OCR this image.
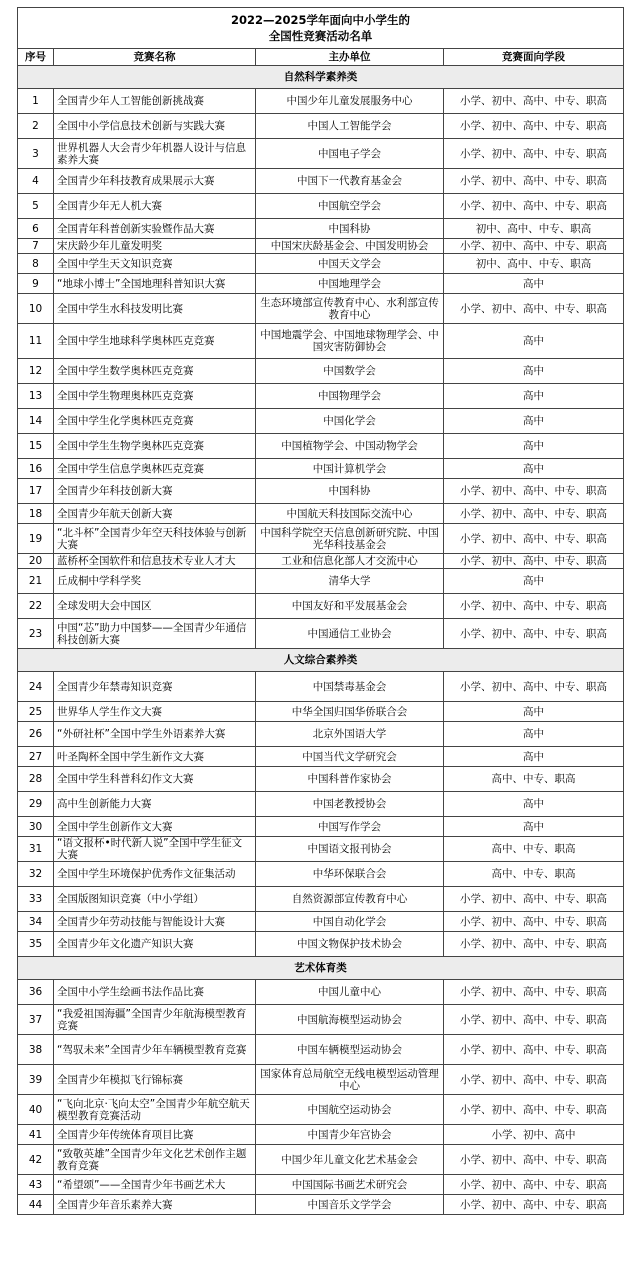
2022—2025学年面向中小学生的
全国性竞赛活动名单			

序号	竞赛名称	主办单位	竞赛面向学段
自然科学素养类			
1	全国青少年人工智能创新挑战赛	中国少年儿童发展服务中心	小学、初中、高中、中专、职高
2	全国中小学信息技术创新与实践大赛	中国人工智能学会	小学、初中、高中、中专、职高
3	世界机器人大会青少年机器人设计与信息素养大赛	中国电子学会	小学、初中、高中、中专、职高
4	全国青少年科技教育成果展示大赛	中国下一代教育基金会	小学、初中、高中、中专、职高
5	全国青少年无人机大赛	中国航空学会	小学、初中、高中、中专、职高
6	全国青年科普创新实验暨作品大赛	中国科协	初中、高中、中专、职高
7	宋庆龄少年儿童发明奖	中国宋庆龄基金会、中国发明协会	小学、初中、高中、中专、职高
8	全国中学生天文知识竞赛	中国天文学会	初中、高中、中专、职高
9	“地球小博士”全国地理科普知识大赛	中国地理学会	高中
10	全国中学生水科技发明比赛	生态环境部宣传教育中心、水利部宣传教育中心	小学、初中、高中、中专、职高
11	全国中学生地球科学奥林匹克竞赛	中国地震学会、中国地球物理学会、中国灾害防御协会	高中
12	全国中学生数学奥林匹克竞赛	中国数学会	高中
13	全国中学生物理奥林匹克竞赛	中国物理学会	高中
14	全国中学生化学奥林匹克竞赛	中国化学会	高中
15	全国中学生生物学奥林匹克竞赛	中国植物学会、中国动物学会	高中
16	全国中学生信息学奥林匹克竞赛	中国计算机学会	高中
17	全国青少年科技创新大赛	中国科协	小学、初中、高中、中专、职高
18	全国青少年航天创新大赛	中国航天科技国际交流中心	小学、初中、高中、中专、职高
19	“北斗杯”全国青少年空天科技体验与创新大赛	中国科学院空天信息创新研究院、中国光华科技基金会	小学、初中、高中、中专、职高
20	蓝桥杯全国软件和信息技术专业人才大	工业和信息化部人才交流中心	小学、初中、高中、中专、职高
21	丘成桐中学科学奖	清华大学	高中
22	全球发明大会中国区	中国友好和平发展基金会	小学、初中、高中、中专、职高
23	中国“芯”助力中国梦——全国青少年通信科技创新大赛	中国通信工业协会	小学、初中、高中、中专、职高
人文综合素养类			
24	全国青少年禁毒知识竞赛	中国禁毒基金会	小学、初中、高中、中专、职高
25	世界华人学生作文大赛	中华全国归国华侨联合会	高中
26	“外研社杯”全国中学生外语素养大赛	北京外国语大学	高中
27	叶圣陶杯全国中学生新作文大赛	中国当代文学研究会	高中
28	全国中学生科普科幻作文大赛	中国科普作家协会	高中、中专、职高
29	高中生创新能力大赛	中国老教授协会	高中
30	全国中学生创新作文大赛	中国写作学会	高中
31	“语文报杯•时代新人说”全国中学生征文大赛	中国语文报刊协会	高中、中专、职高
32	全国中学生环境保护优秀作文征集活动	中华环保联合会	高中、中专、职高
33	全国版图知识竞赛（中小学组）	自然资源部宣传教育中心	小学、初中、高中、中专、职高
34	全国青少年劳动技能与智能设计大赛	中国自动化学会	小学、初中、高中、中专、职高
35	全国青少年文化遗产知识大赛	中国文物保护技术协会	小学、初中、高中、中专、职高
艺术体育类			
36	全国中小学生绘画书法作品比赛	中国儿童中心	小学、初中、高中、中专、职高
37	“我爱祖国海疆”全国青少年航海模型教育竞赛	中国航海模型运动协会	小学、初中、高中、中专、职高
38	“驾驭未来”全国青少年车辆模型教育竞赛	中国车辆模型运动协会	小学、初中、高中、中专、职高
39	全国青少年模拟飞行锦标赛	国家体育总局航空无线电模型运动管理中心	小学、初中、高中、中专、职高
40	“飞向北京·飞向太空”全国青少年航空航天模型教育竞赛活动	中国航空运动协会	小学、初中、高中、中专、职高
41	全国青少年传统体育项目比赛	中国青少年宫协会	小学、初中、高中
42	“致敬英雄”全国青少年文化艺术创作主题教育竞赛	中国少年儿童文化艺术基金会	小学、初中、高中、中专、职高
43	“希望颂”——全国青少年书画艺术大	中国国际书画艺术研究会	小学、初中、高中、中专、职高
44	全国青少年音乐素养大赛	中国音乐文学学会	小学、初中、高中、中专、职高
